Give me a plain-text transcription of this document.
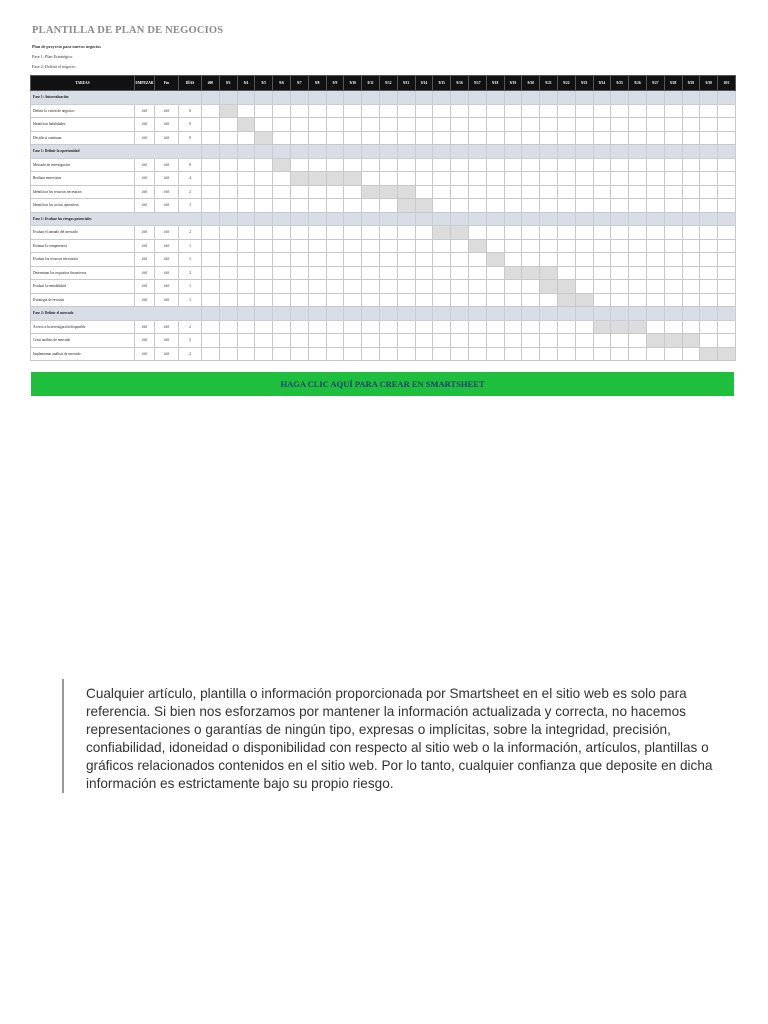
PLANTILLA DE PLAN DE NEGOCIOS
Plan de proyecto para nuevos negocios
Fase 1: Plan Estratégico
Fase 2: Definir el negocio
TAREAS	EMPEZAR	Fin	DÍAS	#00	9/3	9/4	9/5	9/6	9/7	9/8	9/9	9/10	9/11	9/12	9/13	9/14	9/15	9/16	9/17	9/18	9/19	9/20	9/21	9/22	9/23	9/24	9/25	9/26	9/27	9/28	9/29	9/30	10/1
Fase 1: Autoevaluación																																	
Definir la visión de negocios	###	###	0																														
Identificar habilidades	###	###	0																														
Decidir si continuar	###	###	0																														
Fase 1: Definir la oportunidad																																	
Mercado de investigación	###	###	0																														
Realizar entrevistas	###	###	4																														
Identificar los recursos necesarios	###	###	2																														
Identificar los costos operativos	###	###	1																														
Fase 1: Evaluar los riesgos potenciales																																	
Evaluar el tamaño del mercado	###	###	2																														
Estimar la competencia	###	###	1																														
Evaluar los recursos necesarios	###	###	1																														
Determinar los requisitos financieros	###	###	2																														
Evaluar la rentabilidad	###	###	1																														
Estrategia de revisión	###	###	1																														
Fase 2: Definir el mercado																																	
Acceso a la investigación disponible	###	###	2																														
Crear análisis de mercado	###	###	3																														
Implementar análisis de mercado	###	###	2																														
HAGA CLIC AQUÍ PARA CREAR EN SMARTSHEET
Cualquier artículo, plantilla o información proporcionada por Smartsheet en el sitio web es solo para referencia. Si bien nos esforzamos por mantener la información actualizada y correcta, no hacemos representaciones o garantías de ningún tipo, expresas o implícitas, sobre la integridad, precisión, confiabilidad, idoneidad o disponibilidad con respecto al sitio web o la información, artículos, plantillas o gráficos relacionados contenidos en el sitio web. Por lo tanto, cualquier confianza que deposite en dicha información es estrictamente bajo su propio riesgo.
